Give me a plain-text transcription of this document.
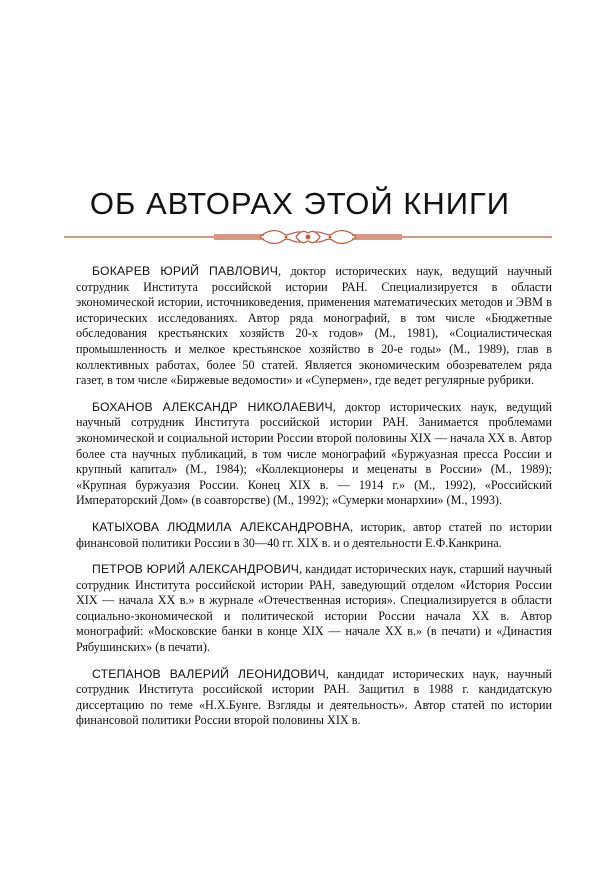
ОБ АВТОРАХ ЭТОЙ КНИГИ

БОКАРЕВ ЮРИЙ ПАВЛОВИЧ, доктор исторических наук, ведущий научный сотрудник Института российской истории РАН. Специализируется в области экономической истории, источниковедения, применения математических методов и ЭВМ в исторических исследованиях. Автор ряда монографий, в том числе «Бюджетные обследования крестьянских хозяйств 20-х годов» (М., 1981), «Социалистическая промышленность и мелкое крестьянское хозяйство в 20-е годы» (М., 1989), глав в коллективных работах, более 50 статей. Является экономическим обозревателем ряда газет, в том числе «Биржевые ведомости» и «Супермен», где ведет регулярные рубрики.

БОХАНОВ АЛЕКСАНДР НИКОЛАЕВИЧ, доктор исторических наук, ведущий научный сотрудник Института российской истории РАН. Занимается проблемами экономической и социальной истории России второй половины XIX — начала XX в. Автор более ста научных публикаций, в том числе монографий «Буржуазная пресса России и крупный капитал» (М., 1984); «Коллекционеры и меценаты в России» (М., 1989); «Крупная буржуазия России. Конец XIX в. — 1914 г.» (М., 1992), «Российский Императорский Дом» (в соавторстве) (М., 1992); «Сумерки монархии» (М., 1993).

КАТЫХОВА ЛЮДМИЛА АЛЕКСАНДРОВНА, историк, автор статей по истории финансовой политики России в 30—40 гг. XIX в. и о деятельности Е.Ф.Канкрина.

ПЕТРОВ ЮРИЙ АЛЕКСАНДРОВИЧ, кандидат исторических наук, старший научный сотрудник Института российской истории РАН, заведующий отделом «История России XIX — начала XX в.» в журнале «Отечественная история». Специализируется в области социально-экономической и политической истории России начала XX в. Автор монографий: «Московские банки в конце XIX — начале XX в.» (в печати) и «Династия Рябушинских» (в печати).

СТЕПАНОВ ВАЛЕРИЙ ЛЕОНИДОВИЧ, кандидат исторических наук, научный сотрудник Института российской истории РАН. Защитил в 1988 г. кандидатскую диссертацию по теме «Н.Х.Бунге. Взгляды и деятельность». Автор статей по истории финансовой политики России второй половины XIX в.
